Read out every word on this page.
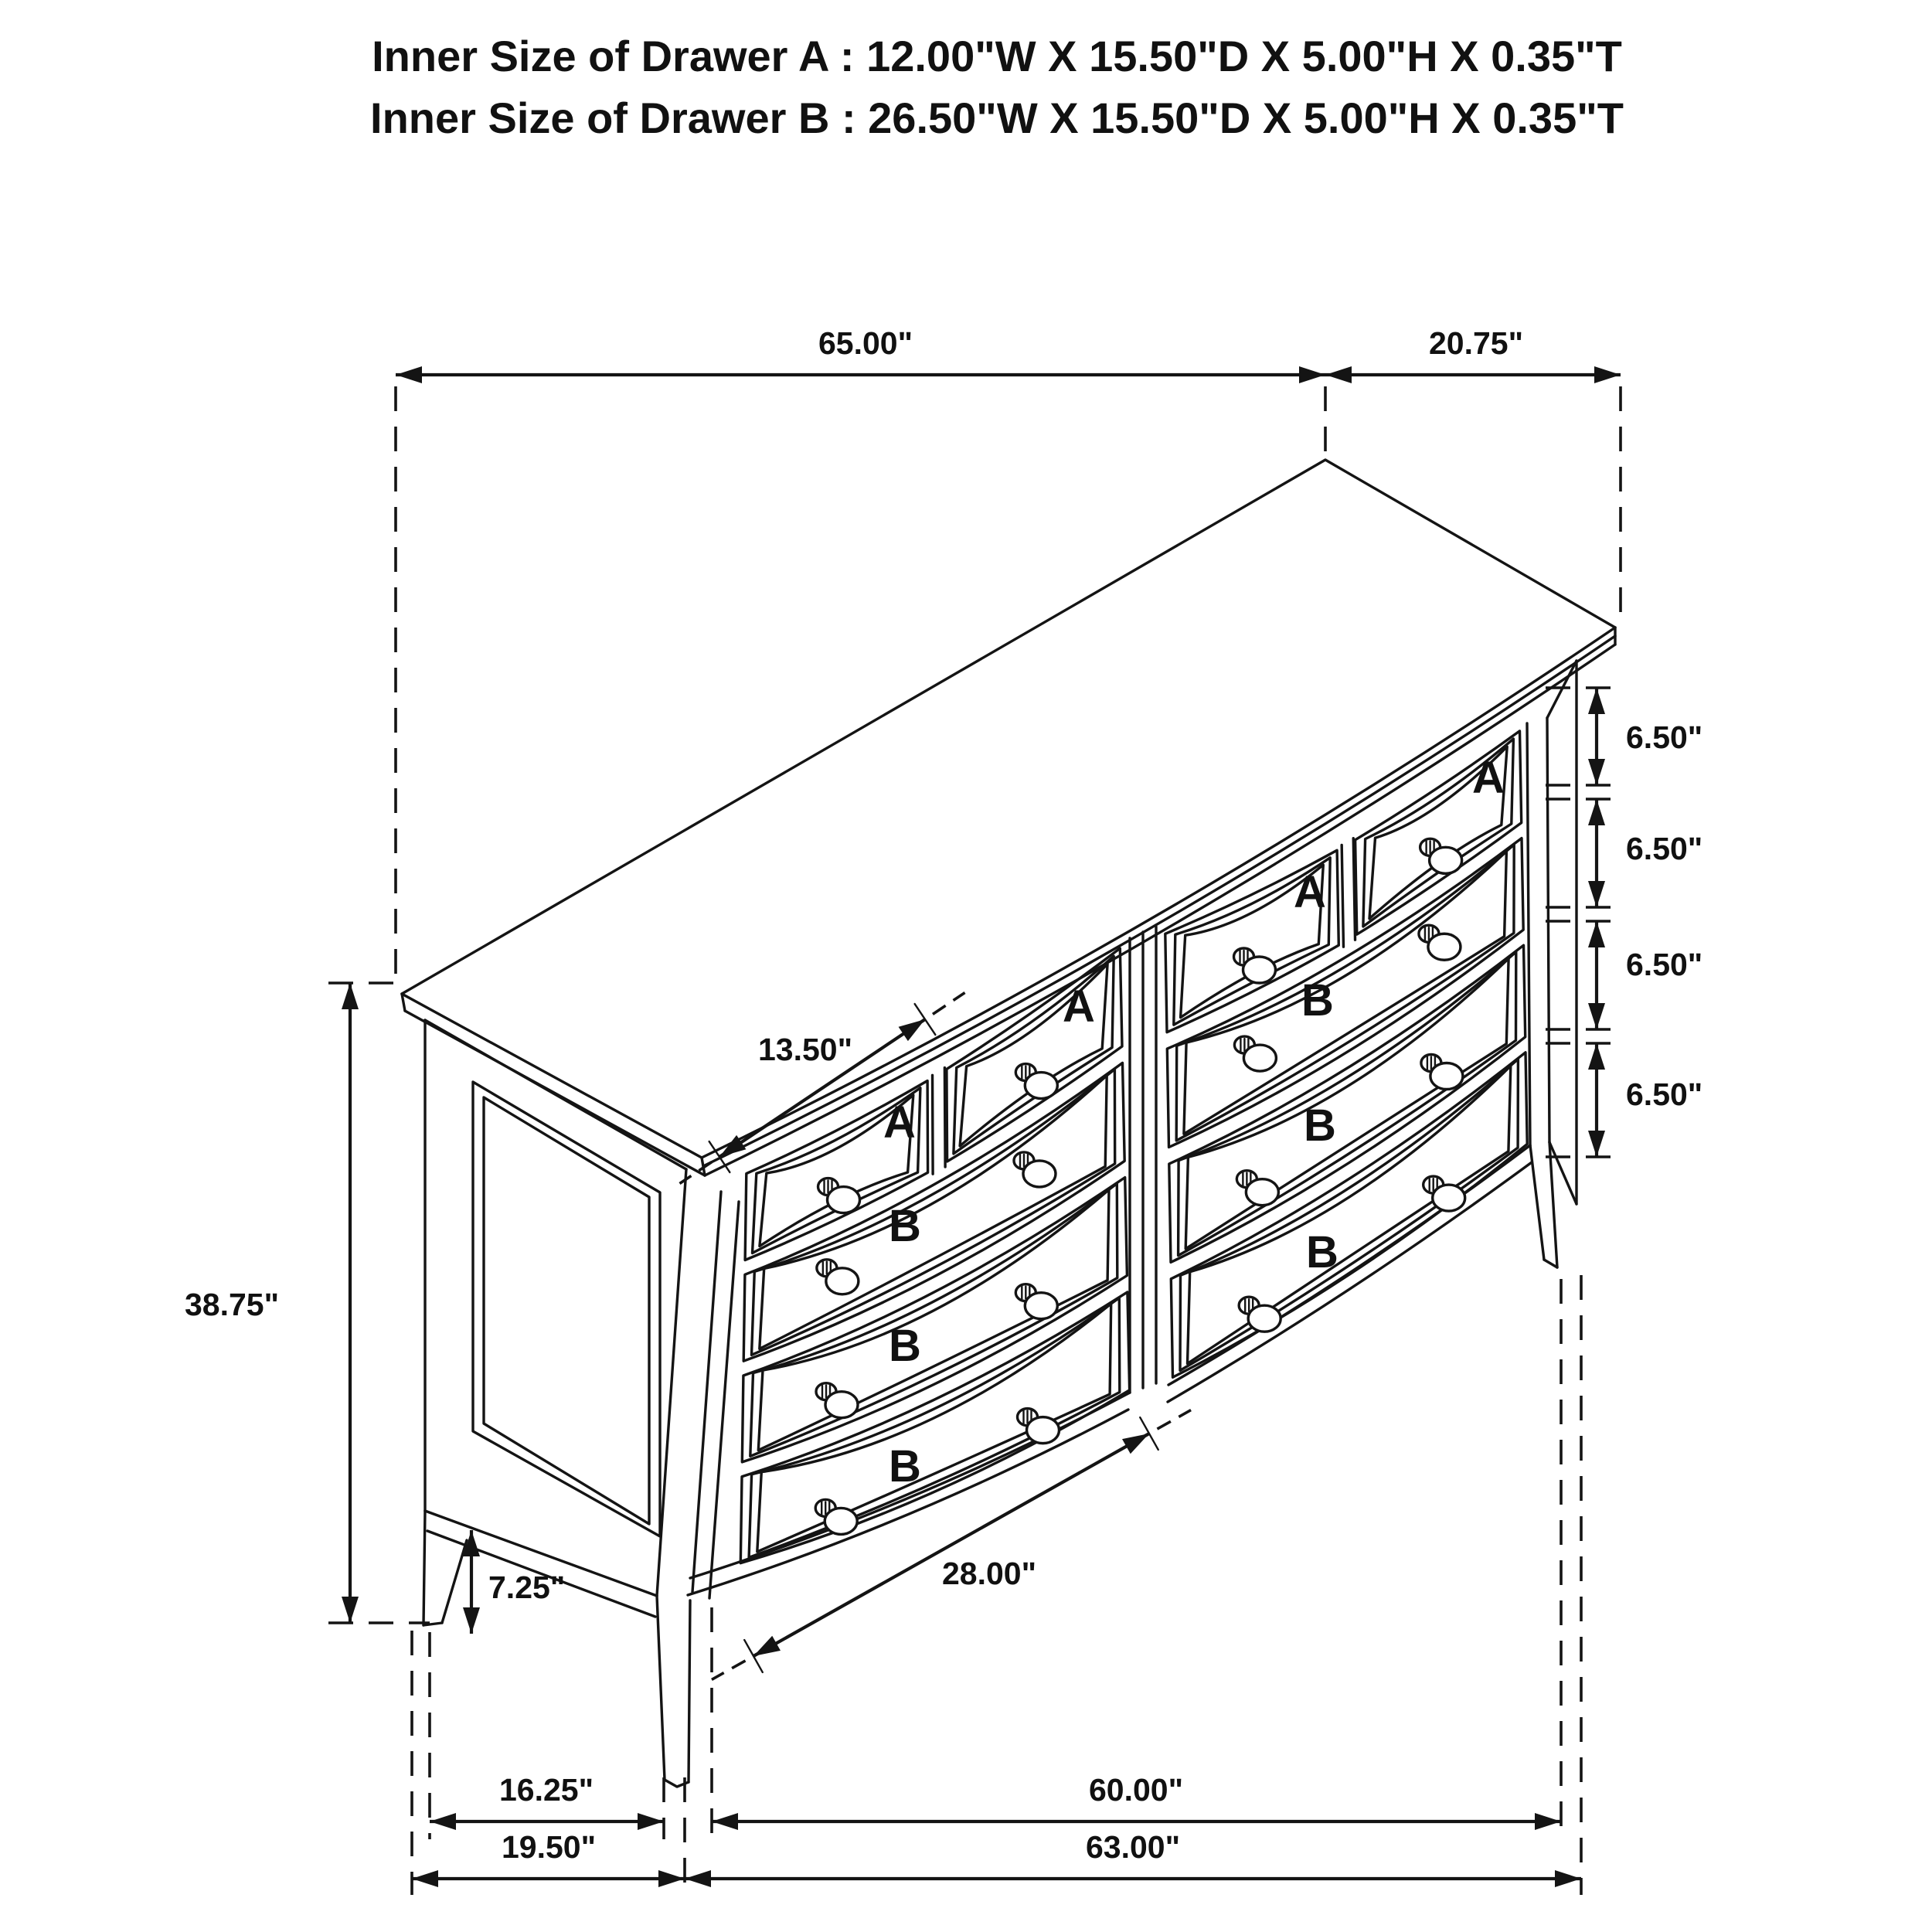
Inner Size of Drawer A : 12.00"W X 15.50"D X 5.00"H X 0.35"T
Inner Size of Drawer B : 26.50"W X 15.50"D X 5.00"H X 0.35"T
A
A
A
A
B
B
B
B
B
B
65.00"	20.75"
6.50"
6.50"
6.50"
6.50"
38.75"
7.25"
13.50"
28.00"
16.25"	60.00"
19.50"	63.00"
